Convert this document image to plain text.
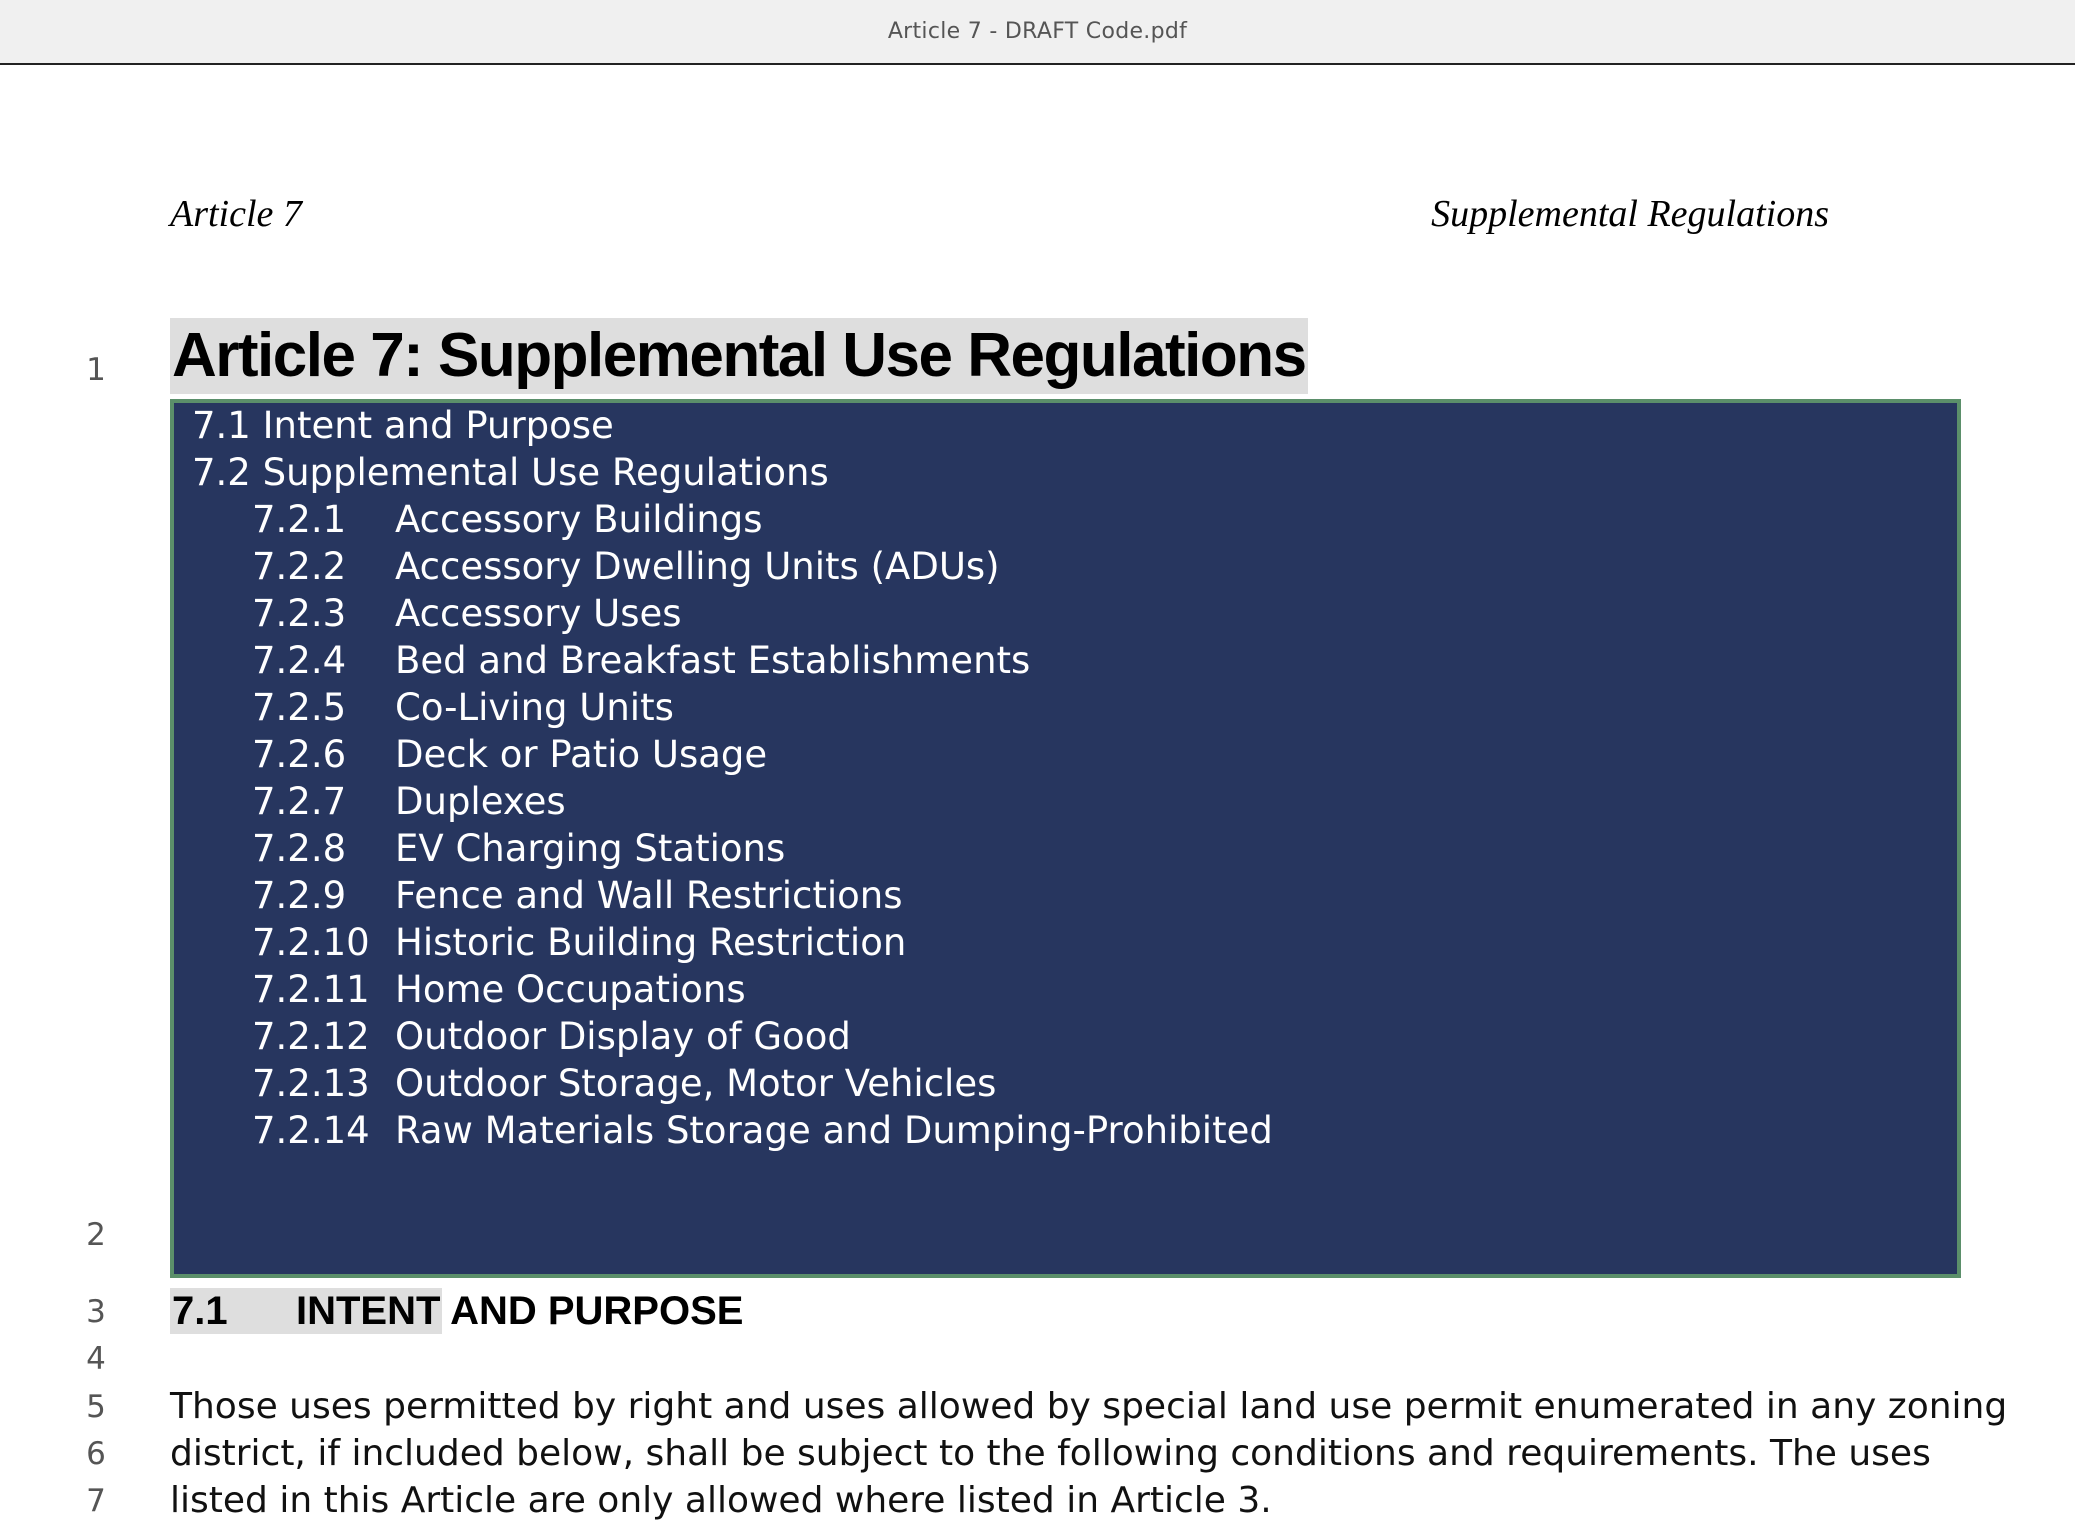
Article 7 - DRAFT Code.pdf
Article 7	Supplemental Regulations
1
2
3
4
5
6
7
Article 7: Supplemental Use Regulations
7.1 Intent and Purpose
7.2 Supplemental Use Regulations
7.2.1 Accessory Buildings
7.2.2 Accessory Dwelling Units (ADUs)
7.2.3 Accessory Uses
7.2.4 Bed and Breakfast Establishments
7.2.5 Co-Living Units
7.2.6 Deck or Patio Usage
7.2.7 Duplexes
7.2.8 EV Charging Stations
7.2.9 Fence and Wall Restrictions
7.2.10 Historic Building Restriction
7.2.11 Home Occupations
7.2.12 Outdoor Display of Good
7.2.13 Outdoor Storage, Motor Vehicles
7.2.14 Raw Materials Storage and Dumping-Prohibited
7.1 INTENT AND PURPOSE
Those uses permitted by right and uses allowed by special land use permit enumerated in any zoning
district, if included below, shall be subject to the following conditions and requirements. The uses
listed in this Article are only allowed where listed in Article 3.
